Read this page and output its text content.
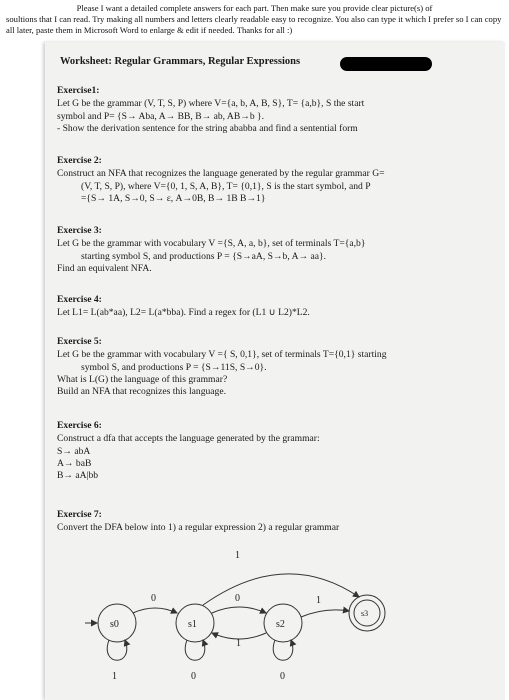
Please I want a detailed complete answers for each part. Then make sure you provide clear picture(s) of
soultions that I can read. Try making all numbers and letters clearly readable easy to recognize. You also can type it which I prefer so I can copy all later, paste them in Microsoft Word to enlarge & edit if needed. Thanks for all :)
Worksheet: Regular Grammars, Regular Expressions
Exercise1:
Let G be the grammar (V, T, S, P) where V={a, b, A, B, S}, T= {a,b}, S the start
symbol and P= {S→ Aba, A→ BB, B→ ab, AB→b }.
- Show the derivation sentence for the string ababba and find a sentential form
Exercise 2:
Construct an NFA that recognizes the language generated by the regular grammar G=
(V, T, S, P), where V={0, 1, S, A, B}, T= {0,1}, S is the start symbol, and P
={S→ 1A, S→0, S→ ε, A→0B, B→ 1B B→1}
Exercise 3:
Let G be the grammar with vocabulary V ={S, A, a, b}, set of terminals T={a,b}
starting symbol S, and productions P = {S→aA, S→b, A→ aa}.
Find an equivalent NFA.
Exercise 4:
Let L1= L(ab*aa), L2= L(a*bba). Find a regex for (L1 ∪ L2)*L2.
Exercise 5:
Let G be the grammar with vocabulary V ={ S, 0,1}, set of terminals T={0,1} starting
symbol S, and productions P = {S→11S, S→0}.
What is L(G) the language of this grammar?
Build an NFA that recognizes this language.
Exercise 6:
Construct a dfa that accepts the language generated by the grammar:
S→ abA
A→ baB
B→ aA|bb
Exercise 7:
Convert the DFA below into 1) a regular expression 2) a regular grammar
s0	s1	s2
s3
0	0
1
1
1
1	0	0
